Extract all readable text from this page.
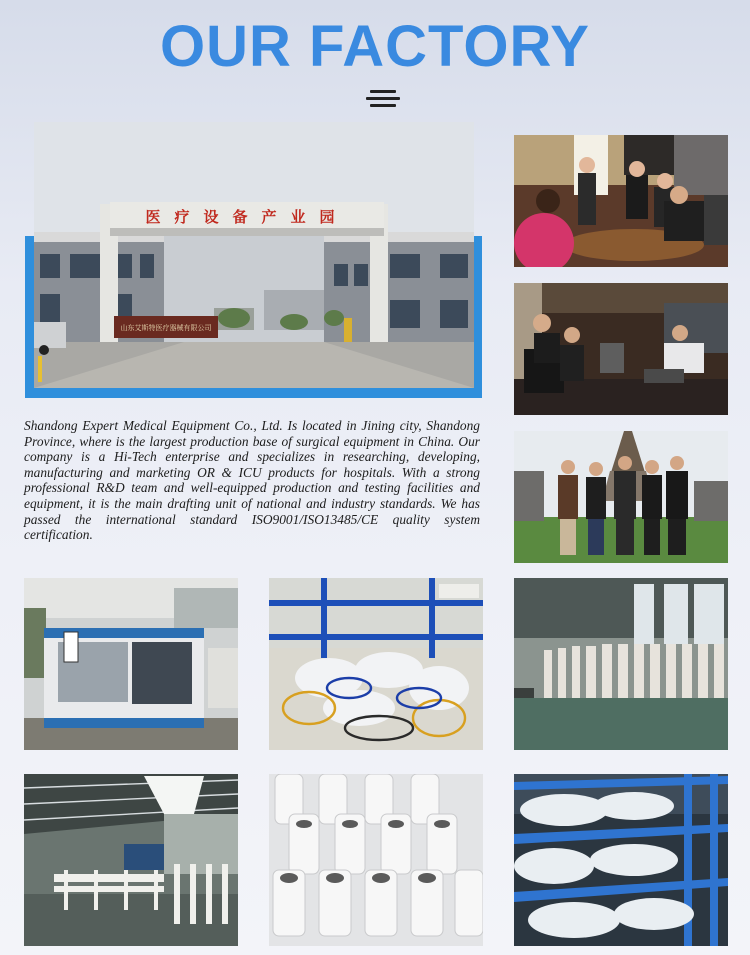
OUR FACTORY
医疗设备产业园
山东艾斯特医疗器械有限公司

Shandong Expert Medical Equipment Co., Ltd. Is located in Jining city, Shandong Province, where is the largest production base of surgical equipment in China. Our company is a Hi-Tech enterprise and specializes in researching, developing, manufacturing and marketing OR & ICU products for hospitals. With a strong professional R&D team and well-equipped production and testing facilities and equipment, it is the main drafting unit of national and industry standards. We has passed the international standard ISO9001/ISO13485/CE quality system certification.
